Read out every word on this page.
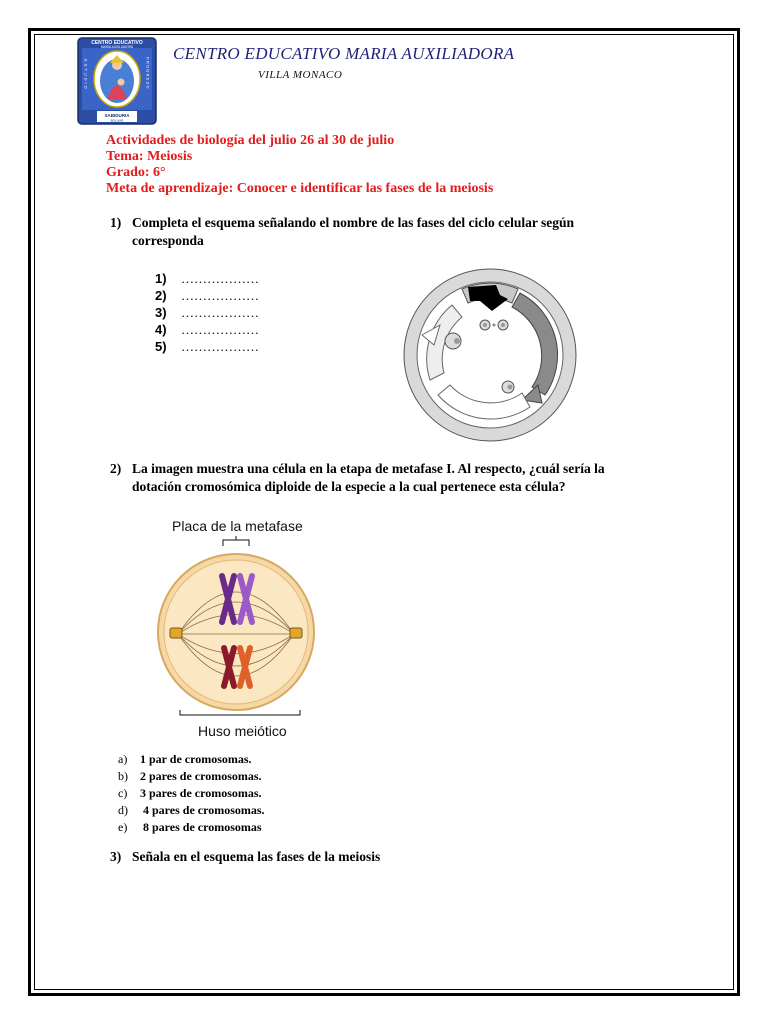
CENTRO EDUCATIVO
MARIA AUXILIADORA
ESTUDIO	PROGRESO
SABIDURIA
BOLIVAR
CENTRO EDUCATIVO MARIA AUXILIADORA
VILLA MONACO
Actividades de biología del julio 26 al 30 de julio
Tema: Meiosis
Grado: 6°
Meta de aprendizaje: Conocer e identificar las fases de la meiosis
1) Completa el esquema señalando el nombre de las fases del ciclo celular según corresponda
1) ………………
2) ………………
3) ………………
4) ………………
5) ………………
2) La imagen muestra una célula en la etapa de metafase I. Al respecto, ¿cuál sería la dotación cromosómica diploide de la especie a la cual pertenece esta célula?
Placa de la metafase
Huso meiótico
a) 1 par de cromosomas.
b) 2 pares de cromosomas.
c) 3 pares de cromosomas.
d) 4 pares de cromosomas.
e) 8 pares de cromosomas
3) Señala en el esquema las fases de la meiosis
